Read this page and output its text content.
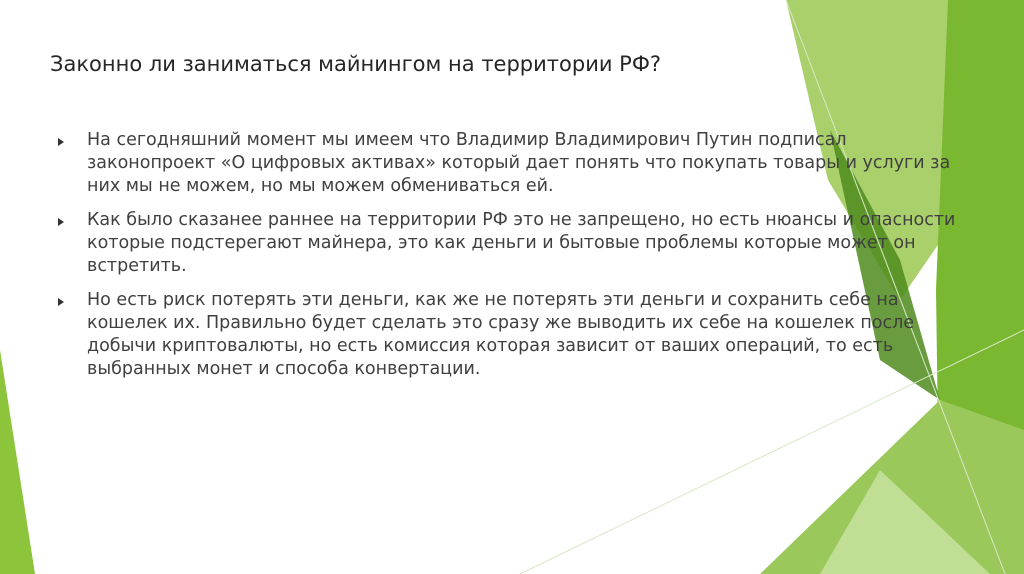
Законно ли заниматься майнингом на территории РФ?
На сегодняшний момент мы имеем что Владимир Владимирович Путин подписал законопроект «О цифровых активах» который дает понять что покупать товары и услуги за них мы не можем, но мы можем обмениваться ей.
Как было сказанее раннее на территории РФ это не запрещено, но есть нюансы и опасности которые подстерегают майнера, это как деньги и бытовые проблемы которые может он встретить.
Но есть риск потерять эти деньги, как же не потерять эти деньги и сохранить себе на кошелек их. Правильно будет сделать это сразу же выводить их себе на кошелек после добычи криптовалюты, но есть комиссия которая зависит от ваших операций, то есть выбранных монет и способа конвертации.
